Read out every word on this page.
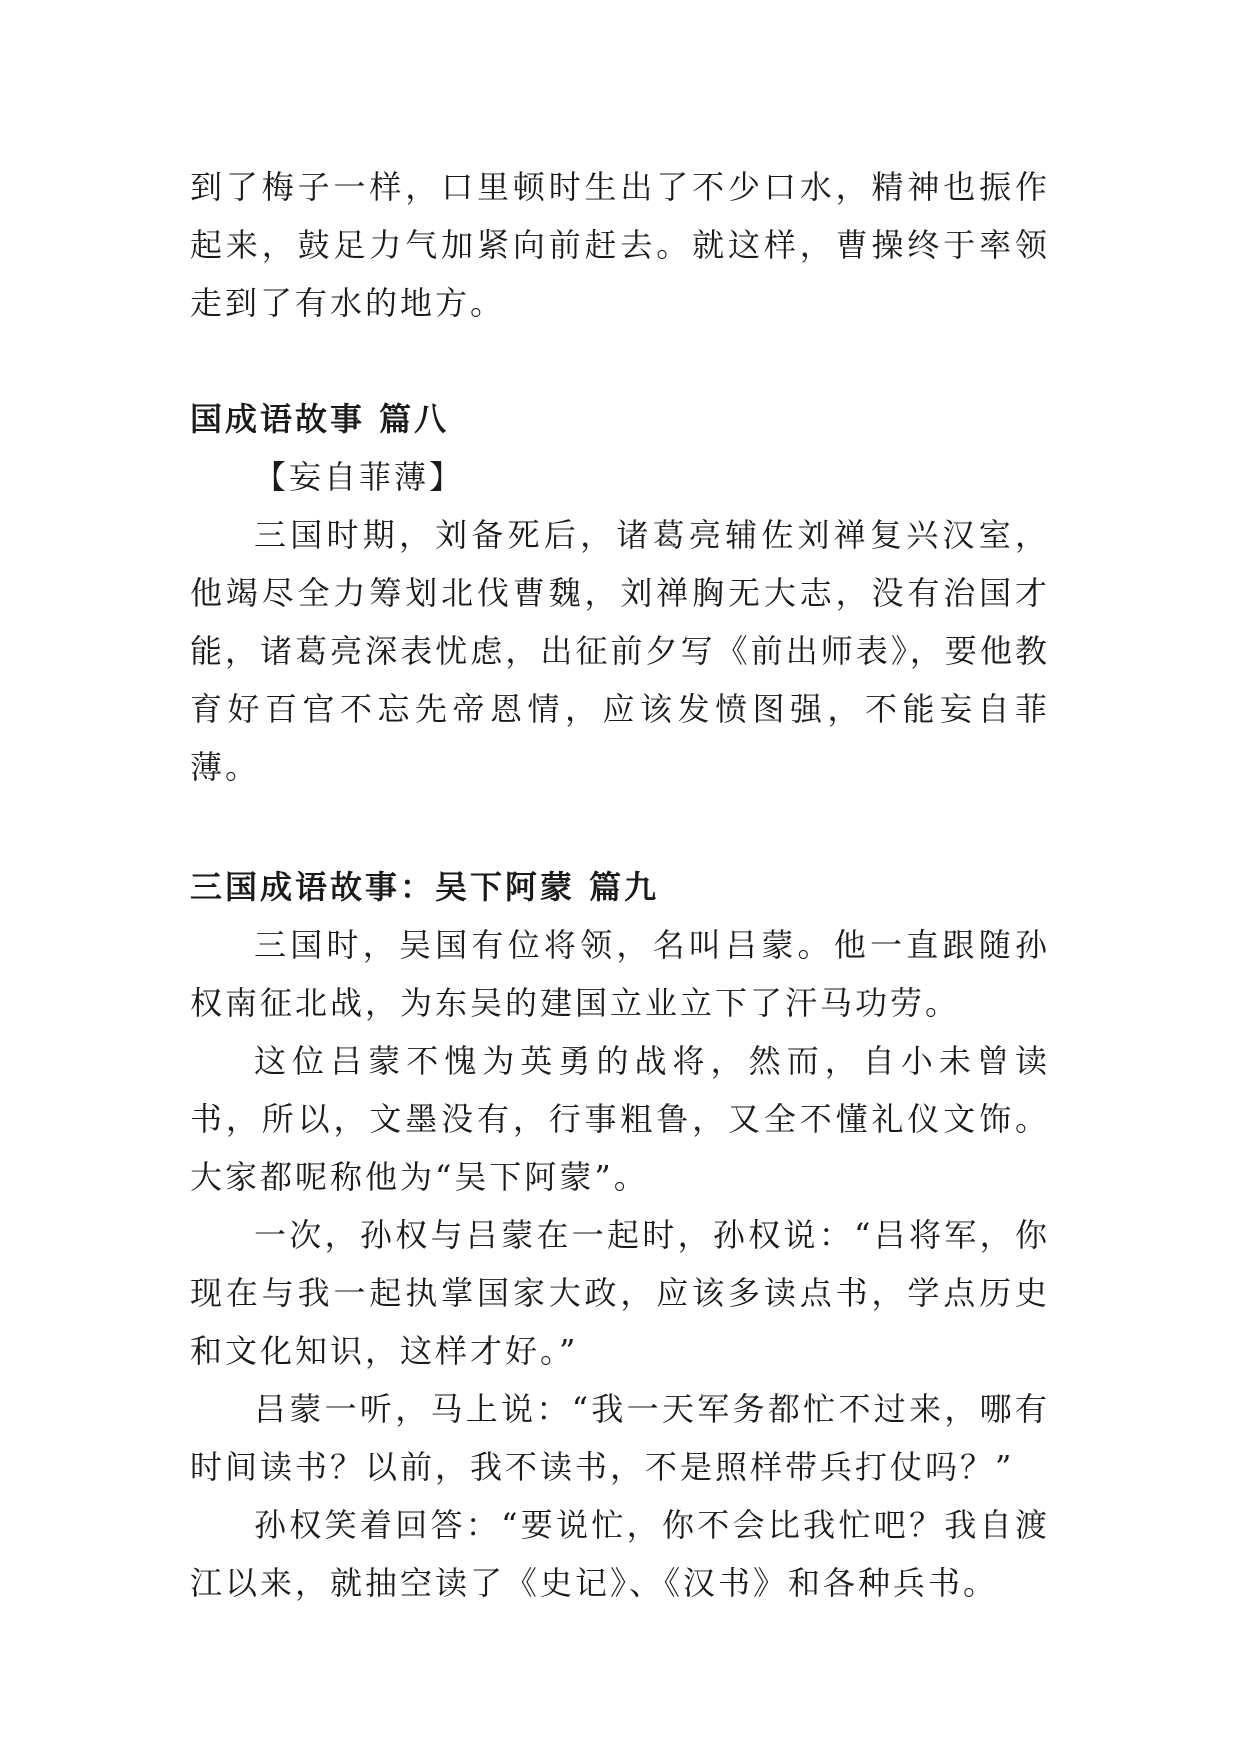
到了梅子一样，口里顿时生出了不少口水，精神也振作起来，鼓足力气加紧向前赶去。就这样，曹操终于率领走到了有水的地方。

国成语故事 篇八

【妄自菲薄】

三国时期，刘备死后，诸葛亮辅佐刘禅复兴汉室，他竭尽全力筹划北伐曹魏，刘禅胸无大志，没有治国才能，诸葛亮深表忧虑，出征前夕写《前出师表》，要他教育好百官不忘先帝恩情，应该发愤图强，不能妄自菲薄。

三国成语故事：吴下阿蒙 篇九

三国时，吴国有位将领，名叫吕蒙。他一直跟随孙权南征北战，为东吴的建国立业立下了汗马功劳。

这位吕蒙不愧为英勇的战将，然而，自小未曾读书，所以，文墨没有，行事粗鲁，又全不懂礼仪文饰。大家都呢称他为“吴下阿蒙”。

一次，孙权与吕蒙在一起时，孙权说：“吕将军，你现在与我一起执掌国家大政，应该多读点书，学点历史和文化知识，这样才好。”

吕蒙一听，马上说：“我一天军务都忙不过来，哪有时间读书？以前，我不读书，不是照样带兵打仗吗？”

孙权笑着回答：“要说忙，你不会比我忙吧？我自渡江以来，就抽空读了《史记》、《汉书》和各种兵书。
